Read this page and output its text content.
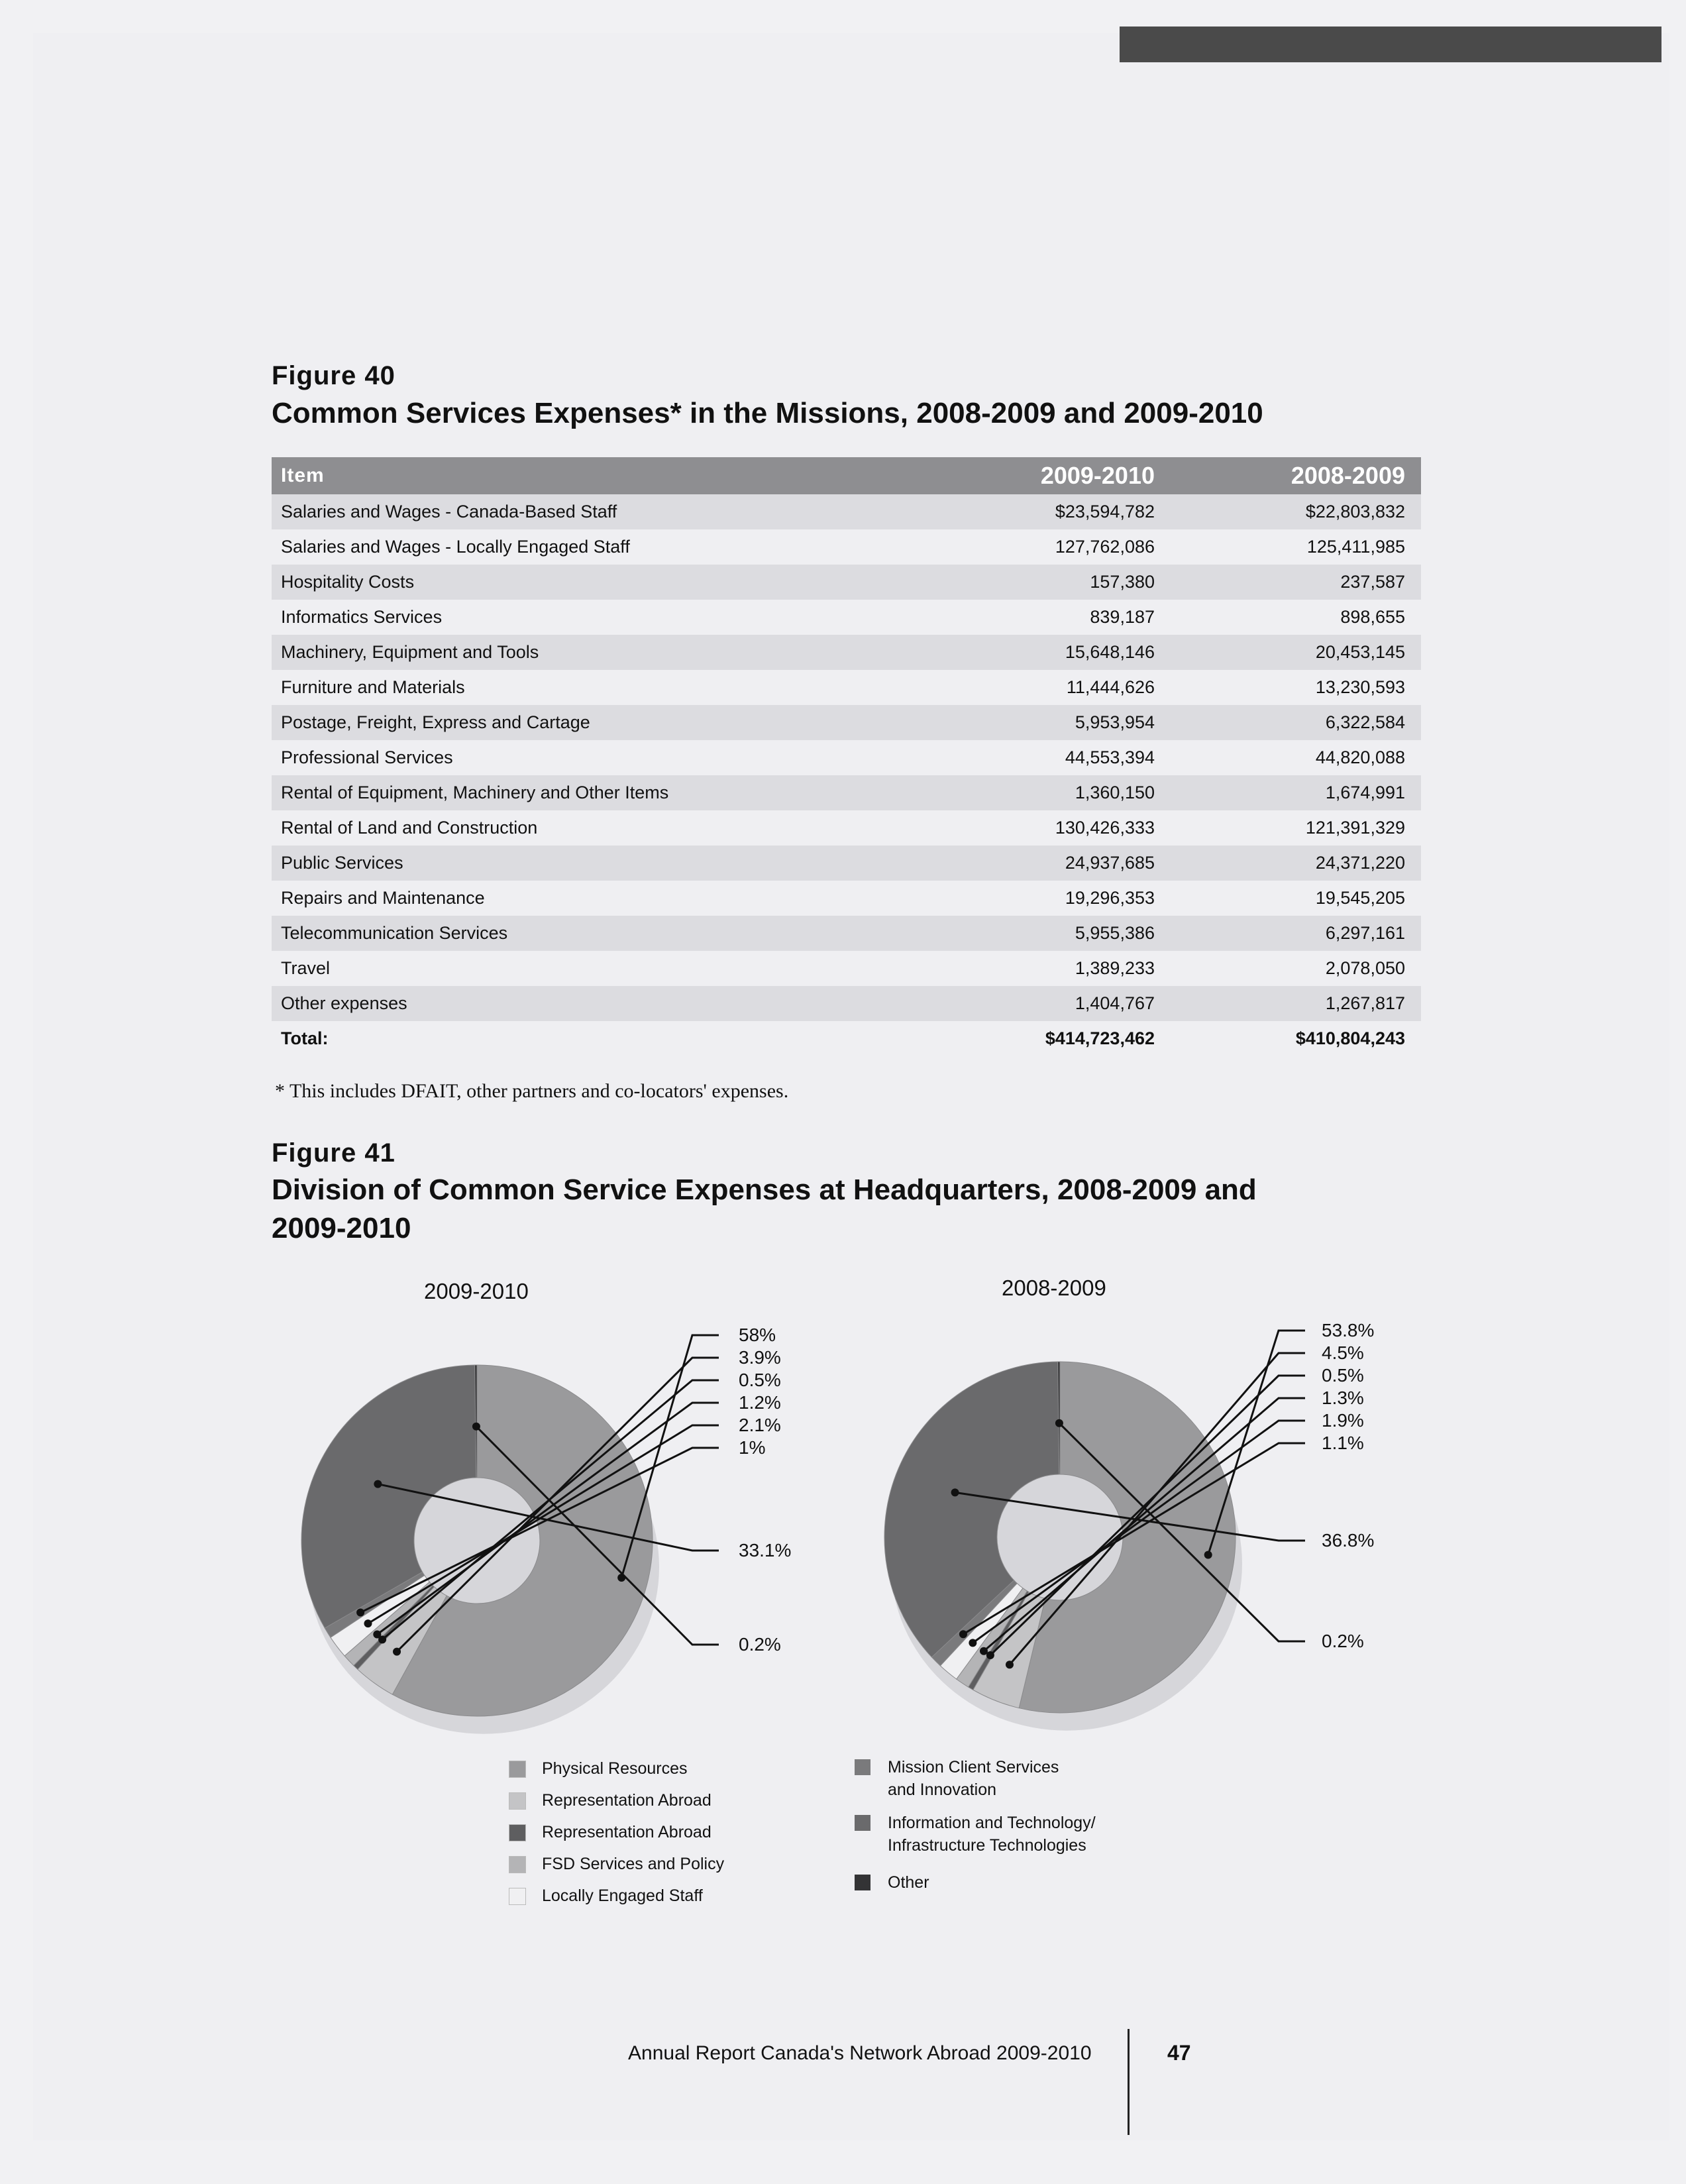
Figure 40
Common Services Expenses* in the Missions, 2008-2009 and 2009-2010
Item	2009-2010	2008-2009
Salaries and Wages - Canada-Based Staff	$23,594,782	$22,803,832
Salaries and Wages - Locally Engaged Staff	127,762,086	125,411,985
Hospitality Costs	157,380	237,587
Informatics Services	839,187	898,655
Machinery, Equipment and Tools	15,648,146	20,453,145
Furniture and Materials	11,444,626	13,230,593
Postage, Freight, Express and Cartage	5,953,954	6,322,584
Professional Services	44,553,394	44,820,088
Rental of Equipment, Machinery and Other Items	1,360,150	1,674,991
Rental of Land and Construction	130,426,333	121,391,329
Public Services	24,937,685	24,371,220
Repairs and Maintenance	19,296,353	19,545,205
Telecommunication Services	5,955,386	6,297,161
Travel	1,389,233	2,078,050
Other expenses	1,404,767	1,267,817
Total:	$414,723,462	$410,804,243
* This includes DFAIT, other partners and co-locators' expenses.
Figure 41
Division of Common Service Expenses at Headquarters, 2008-2009 and
2009-2010
2009-2010	2008-2009
58%
3.9%
0.5%
1.2%
2.1%
1%
33.1%
0.2%
53.8%
4.5%
0.5%
1.3%
1.9%
1.1%
36.8%
0.2%
Physical Resources
Representation Abroad
Representation Abroad
FSD Services and Policy
Locally Engaged Staff
Mission Client Services
and Innovation
Information and Technology/
Infrastructure Technologies
Other
Annual Report Canada's Network Abroad 2009-2010	47
